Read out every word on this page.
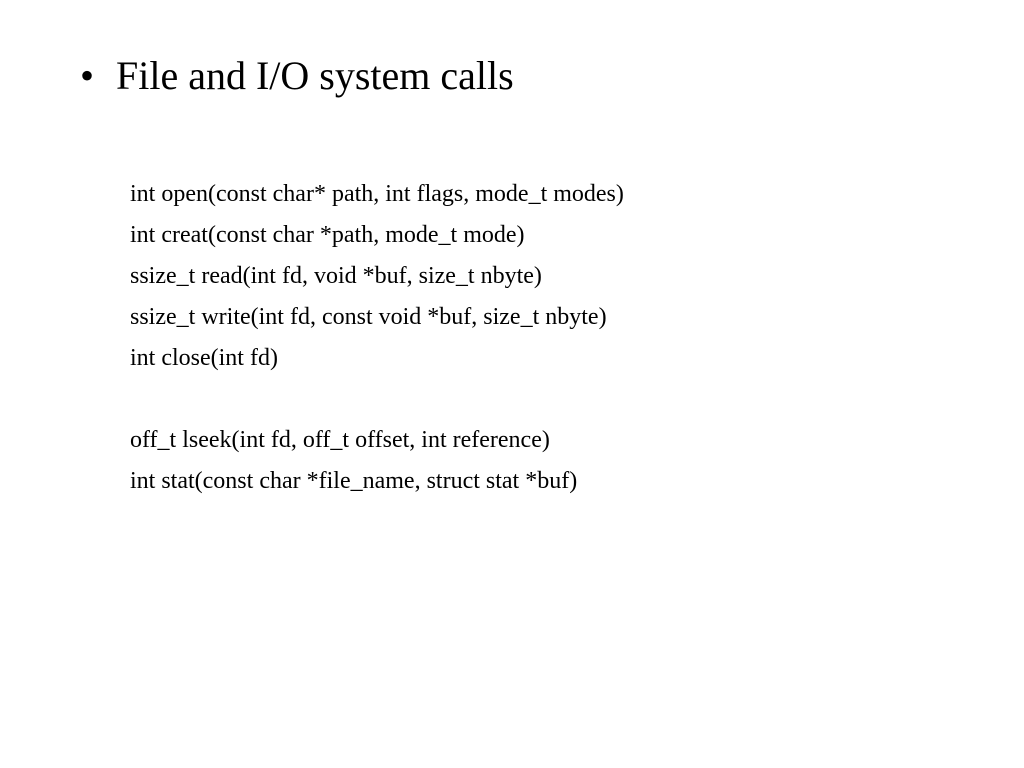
• File and I/O system calls
int open(const char* path, int flags, mode_t modes)
int creat(const char *path, mode_t mode)
ssize_t read(int fd, void *buf, size_t nbyte)
ssize_t write(int fd, const void *buf, size_t nbyte)
int close(int fd)
off_t lseek(int fd, off_t offset, int reference)
int stat(const char *file_name, struct stat *buf)
